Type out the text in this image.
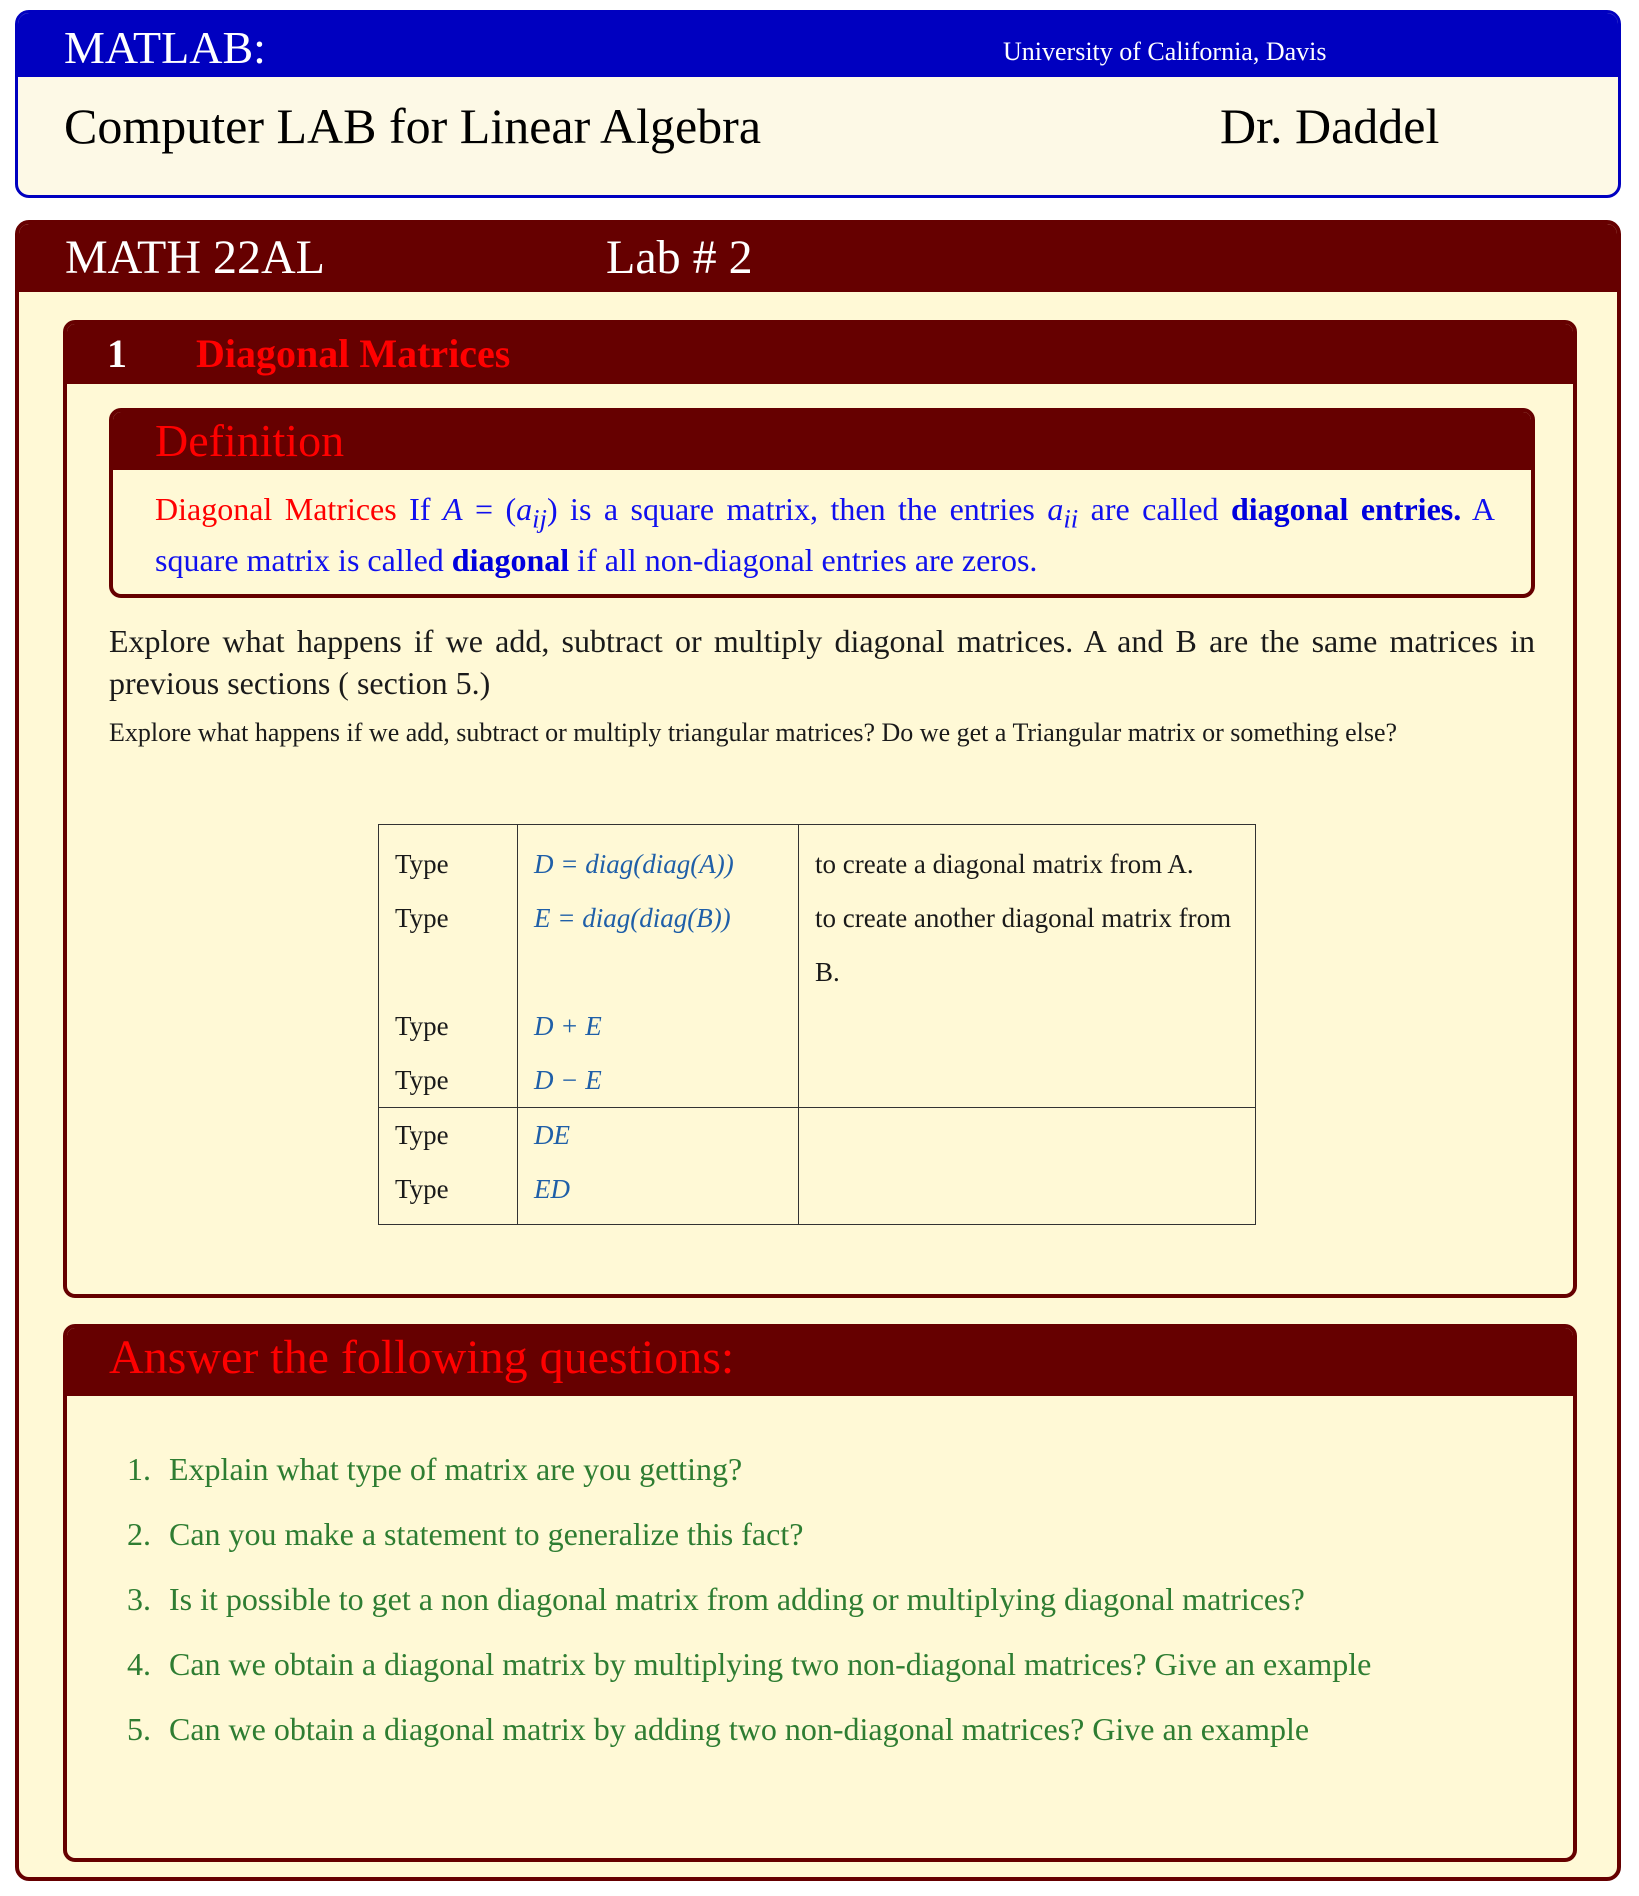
MATLAB:	University of California, Davis
Computer LAB for Linear Algebra	Dr. Daddel
MATH 22AL	Lab # 2
1 Diagonal Matrices
Definition
Diagonal Matrices If $A = (a_{ij})$ is a square matrix, then the entries $a_{ii}$ are called diagonal entries. A square matrix is called diagonal if all non-diagonal entries are zeros.
Explore what happens if we add, subtract or multiply diagonal matrices. A and B are the same matrices in previous sections ( section 5.)
Explore what happens if we add, subtract or multiply triangular matrices? Do we get a Triangular matrix or something else?
Type	D = diag(diag(A))	to create a diagonal matrix from A.
Type	E = diag(diag(B))	to create another diagonal matrix from B.
Type	D + E	
Type	D − E	
Type	DE	
Type	ED	
Answer the following questions:
1. Explain what type of matrix are you getting?
2. Can you make a statement to generalize this fact?
3. Is it possible to get a non diagonal matrix from adding or multiplying diagonal matrices?
4. Can we obtain a diagonal matrix by multiplying two non-diagonal matrices? Give an example
5. Can we obtain a diagonal matrix by adding two non-diagonal matrices? Give an example
